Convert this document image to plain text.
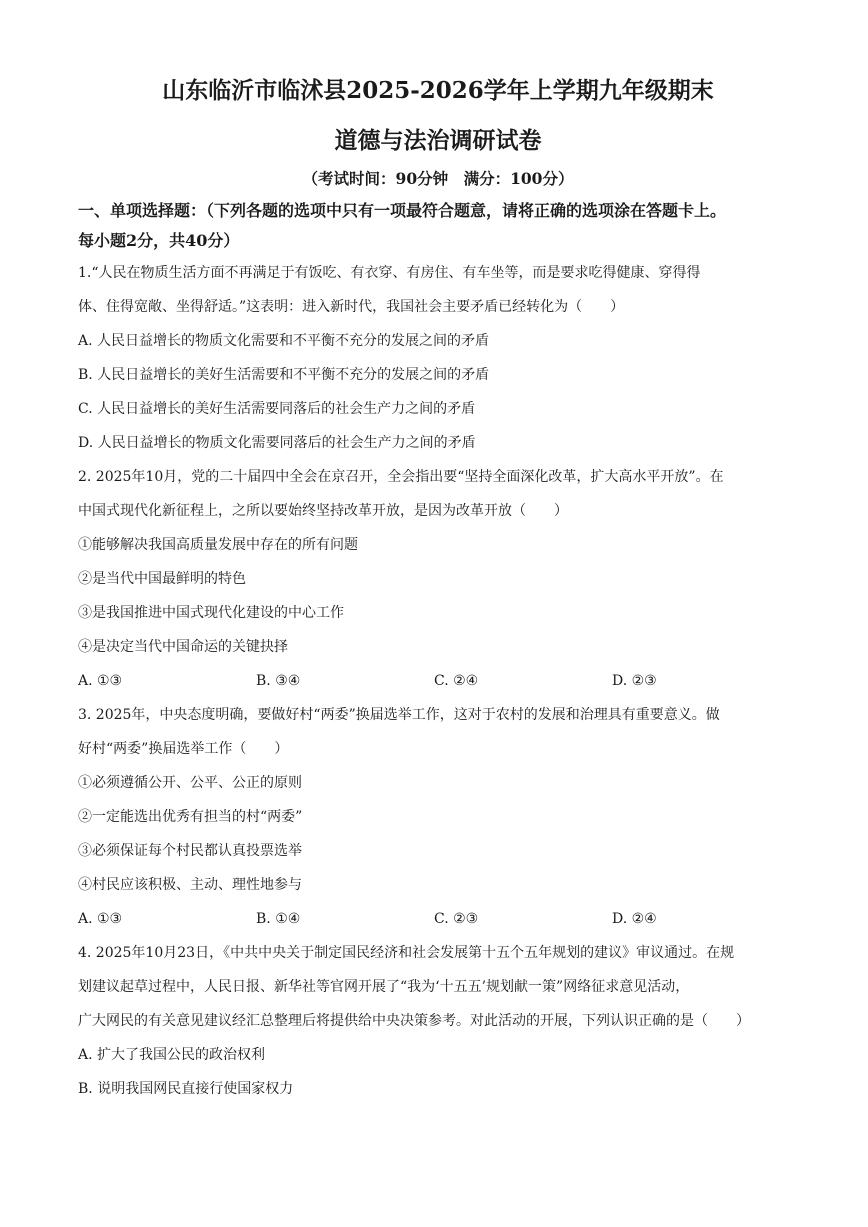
山东临沂市临沭县2025-2026学年上学期九年级期末
道德与法治调研试卷
（考试时间：90分钟　满分：100分）
一、单项选择题：（下列各题的选项中只有一项最符合题意，请将正确的选项涂在答题卡上。
每小题2分，共40分）
1.“人民在物质生活方面不再满足于有饭吃、有衣穿、有房住、有车坐等，而是要求吃得健康、穿得得
体、住得宽敞、坐得舒适。”这表明：进入新时代，我国社会主要矛盾已经转化为（　　）
A. 人民日益增长的物质文化需要和不平衡不充分的发展之间的矛盾
B. 人民日益增长的美好生活需要和不平衡不充分的发展之间的矛盾
C. 人民日益增长的美好生活需要同落后的社会生产力之间的矛盾
D. 人民日益增长的物质文化需要同落后的社会生产力之间的矛盾
2. 2025年10月，党的二十届四中全会在京召开，全会指出要“坚持全面深化改革，扩大高水平开放”。在
中国式现代化新征程上，之所以要始终坚持改革开放，是因为改革开放（　　）
①能够解决我国高质量发展中存在的所有问题
②是当代中国最鲜明的特色
③是我国推进中国式现代化建设的中心工作
④是决定当代中国命运的关键抉择
A. ①③	B. ③④	C. ②④	D. ②③
3. 2025年，中央态度明确，要做好村“两委”换届选举工作，这对于农村的发展和治理具有重要意义。做
好村“两委”换届选举工作（　　）
①必须遵循公开、公平、公正的原则
②一定能选出优秀有担当的村“两委”
③必须保证每个村民都认真投票选举
④村民应该积极、主动、理性地参与
A. ①③	B. ①④	C. ②③	D. ②④
4. 2025年10月23日，《中共中央关于制定国民经济和社会发展第十五个五年规划的建议》审议通过。在规
划建议起草过程中，人民日报、新华社等官网开展了“我为‘十五五’规划献一策”网络征求意见活动，
广大网民的有关意见建议经汇总整理后将提供给中央决策参考。对此活动的开展，下列认识正确的是（　　）
A. 扩大了我国公民的政治权利
B. 说明我国网民直接行使国家权力
